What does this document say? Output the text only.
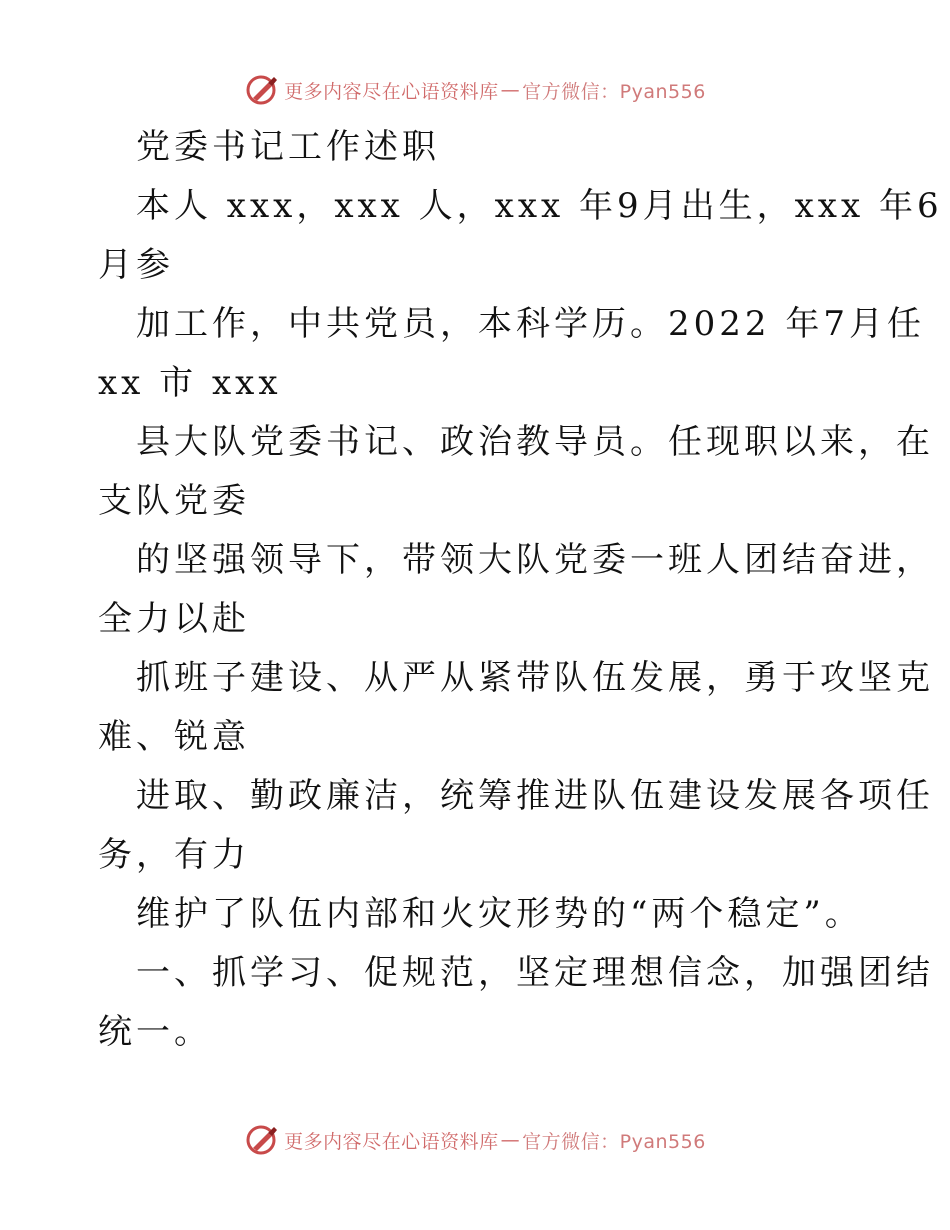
更多内容尽在心语资料库 — 官方微信：Pyan556
党委书记工作述职
本人 xxx，xxx 人，xxx 年9月出生，xxx 年6
月参
加工作，中共党员，本科学历。2022 年7月任
xx 市 xxx
县大队党委书记、政治教导员。任现职以来，在
支队党委
的坚强领导下，带领大队党委一班人团结奋进，
全力以赴
抓班子建设、从严从紧带队伍发展，勇于攻坚克
难、锐意
进取、勤政廉洁，统筹推进队伍建设发展各项任
务，有力
维护了队伍内部和火灾形势的“两个稳定”。
一、抓学习、促规范，坚定理想信念，加强团结
统一。
更多内容尽在心语资料库 — 官方微信：Pyan556
